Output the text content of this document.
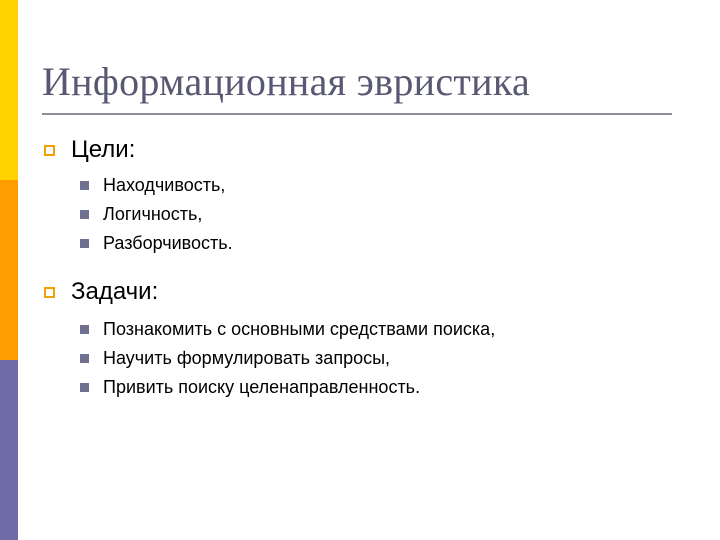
Информационная эвристика
Цели:
Находчивость,
Логичность,
Разборчивость.
Задачи:
Познакомить с основными средствами поиска,
Научить формулировать запросы,
Привить поиску целенаправленность.
